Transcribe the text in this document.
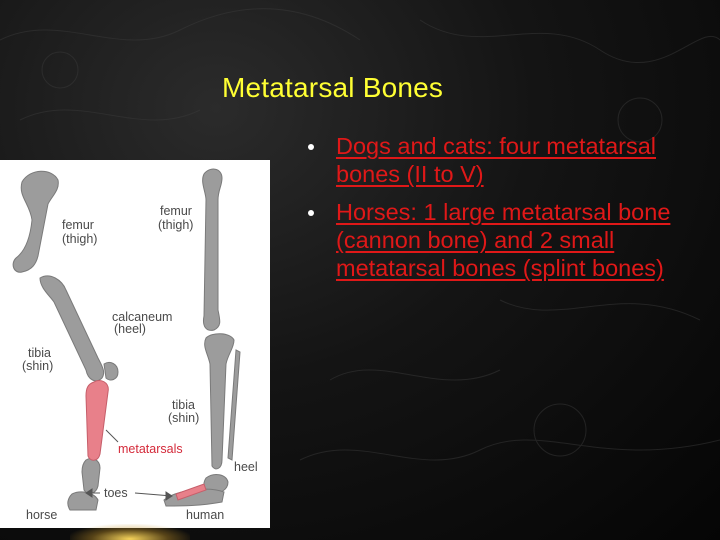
Metatarsal Bones
Dogs and cats: four metatarsal bones (II to V)
Horses: 1 large metatarsal bone (cannon bone) and 2 small metatarsal bones (splint bones)
femur
(thigh)
femur
(thigh)
calcaneum
(heel)
tibia
(shin)
tibia
(shin)
metatarsals
heel
toes
horse	human
